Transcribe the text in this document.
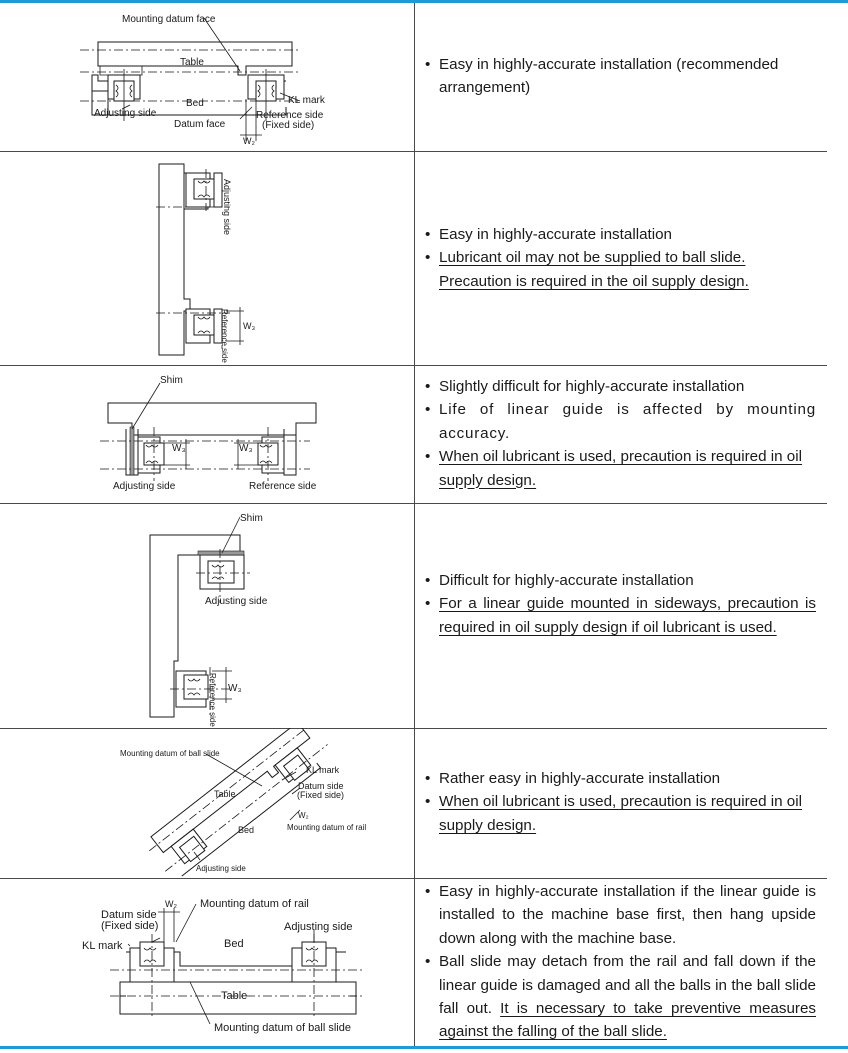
Mounting datum face
Table
Bed
Adjusting side
KL mark
Reference side
(Fixed side)
Datum face
W₂
• Easy in highly-accurate installation (recommended arrangement)
Adjusting side
Reference side W₃
• Easy in highly-accurate installation
• Lubricant oil may not be supplied to ball slide. Precaution is required in the oil supply design.
Shim
W₃	W₃
Adjusting side	Reference side
• Slightly difficult for highly-accurate installation
• Life of linear guide is affected by mounting accuracy.
• When oil lubricant is used, precaution is required in oil supply design.
Shim
Adjusting side
Reference side W₃
• Difficult for highly-accurate installation
• For a linear guide mounted in sideways, precaution is required in oil supply design if oil lubricant is used.
Mounting datum of ball slide
KL mark
Table
Datum side
(Fixed side)
W₂
Bed	Mounting datum of rail
Adjusting side
• Rather easy in highly-accurate installation
• When oil lubricant is used, precaution is required in oil supply design.
W₂ Mounting datum of rail
Datum side
(Fixed side)	Adjusting side
KL mark	Bed
Table
Mounting datum of ball slide
• Easy in highly-accurate installation if the linear guide is installed to the machine base first, then hang upside down along with the machine base.
• Ball slide may detach from the rail and fall down if the linear guide is damaged and all the balls in the ball slide fall out. It is necessary to take preventive measures against the falling of the ball slide.
